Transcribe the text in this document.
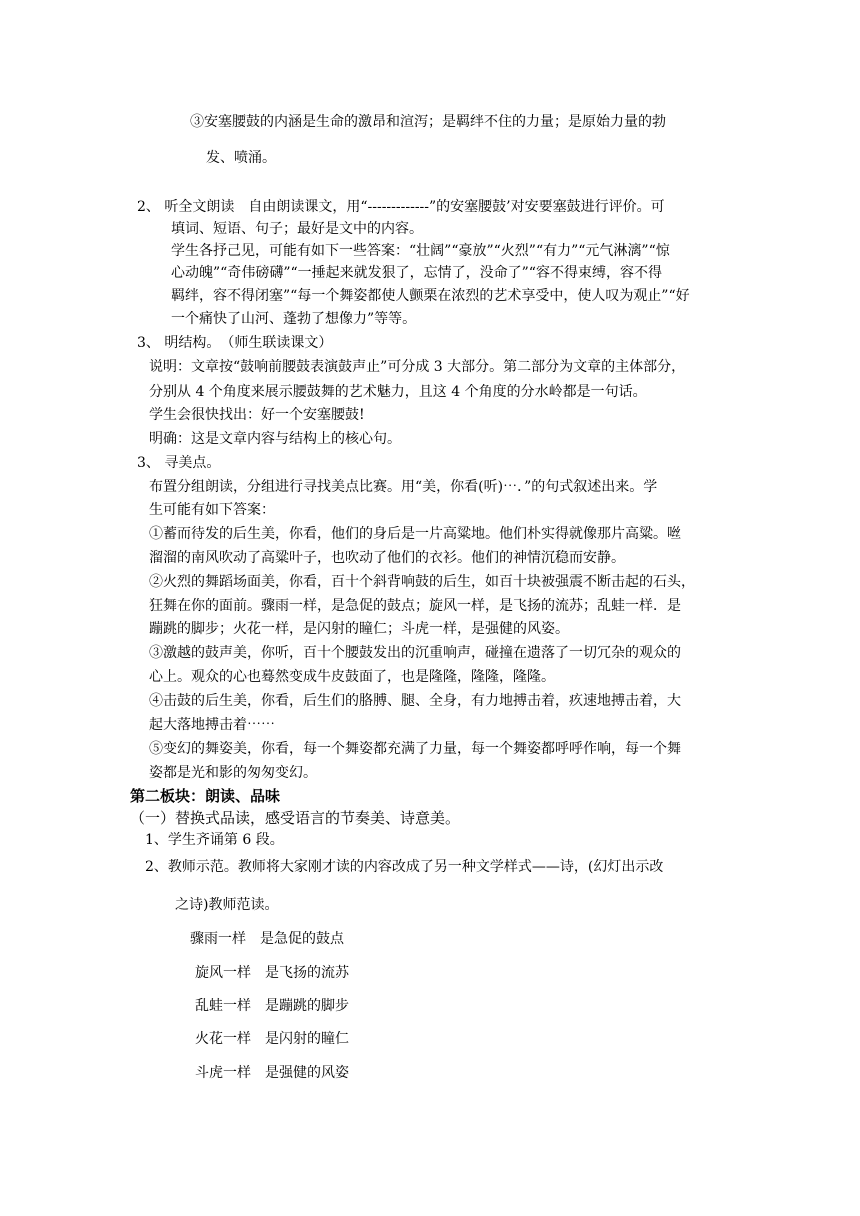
③安塞腰鼓的内涵是生命的激昂和渲泻；是羁绊不住的力量；是原始力量的勃
发、喷涌。
2、 听全文朗读　自由朗读课文，用“-------------”的安塞腰鼓’对安要塞鼓进行评价。可
填词、短语、句子；最好是文中的内容。
学生各抒己见，可能有如下一些答案：“壮阔”“豪放”“火烈”“有力”“元气淋漓”“惊
心动魄”“奇伟磅礴”“一捶起来就发狠了，忘情了，没命了”“容不得束缚，容不得
羁绊，容不得闭塞”“每一个舞姿都使人颤栗在浓烈的艺术享受中，使人叹为观止”“好
一个痛快了山河、蓬勃了想像力”等等。
3、 明结构。　（师生联读课文）
说明：文章按“鼓响前腰鼓表演鼓声止”可分成 3 大部分。第二部分为文章的主体部分，
分别从 4 个角度来展示腰鼓舞的艺术魅力，且这 4 个角度的分水岭都是一句话。
学生会很快找出：好一个安塞腰鼓!
明确：这是文章内容与结构上的核心句。
3、 寻美点。
布置分组朗读，分组进行寻找美点比赛。用“美，你看(听)⋯．”的句式叙述出来。学
生可能有如下答案：
①蓄而待发的后生美，你看，他们的身后是一片高粱地。他们朴实得就像那片高粱。咝
溜溜的南风吹动了高粱叶子，也吹动了他们的衣衫。他们的神情沉稳而安静。
②火烈的舞蹈场面美，你看，百十个斜背响鼓的后生，如百十块被强震不断击起的石头，
狂舞在你的面前。骤雨一样，是急促的鼓点；旋风一样，是飞扬的流苏；乱蛙一样．是
蹦跳的脚步；火花一样，是闪射的瞳仁；斗虎一样，是强健的风姿。
③激越的鼓声美，你听，百十个腰鼓发出的沉重响声，碰撞在遗落了一切冗杂的观众的
心上。观众的心也蓦然变成牛皮鼓面了，也是隆隆，隆隆，隆隆。
④击鼓的后生美，你看，后生们的胳膊、腿、全身，有力地搏击着，疚速地搏击着，大
起大落地搏击着⋯⋯
⑤变幻的舞姿美，你看，每一个舞姿都充满了力量，每一个舞姿都呼呼作响，每一个舞
姿都是光和影的匆匆变幻。
第二板块：朗读、品味
（一）替换式品读，感受语言的节奏美、诗意美。
1、学生齐诵第 6 段。
2、教师示范。教师将大家刚才读的内容改成了另一种文学样式——诗，(幻灯出示改
之诗)教师范读。
骤雨一样　是急促的鼓点
旋风一样　是飞扬的流苏
乱蛙一样　是蹦跳的脚步
火花一样　是闪射的瞳仁
斗虎一样　是强健的风姿
